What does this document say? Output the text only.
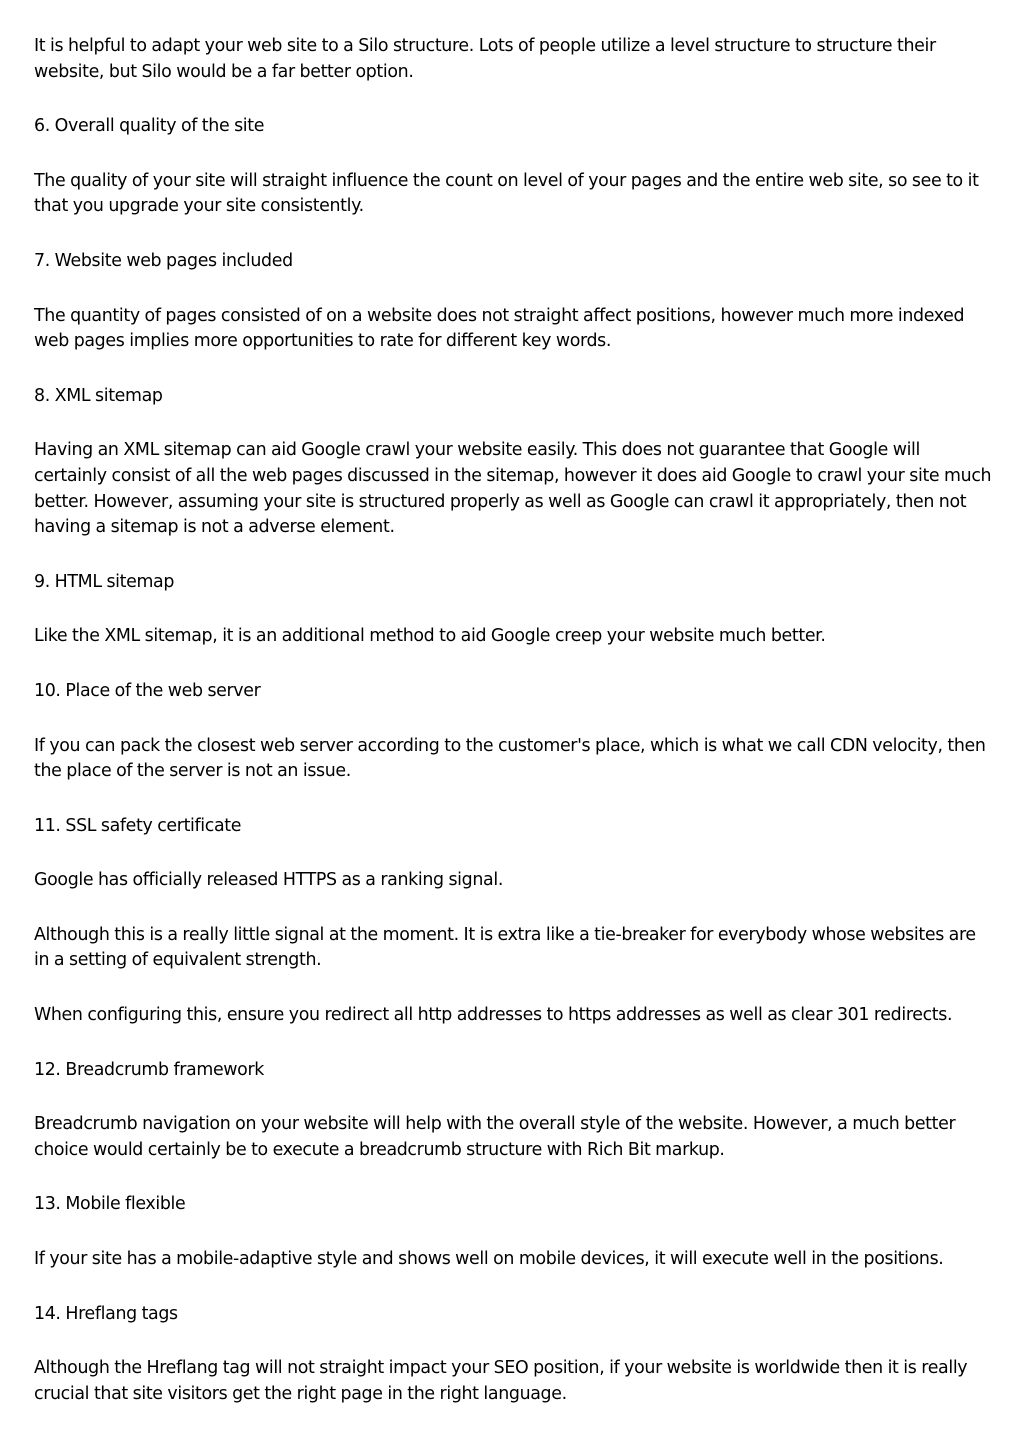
It is helpful to adapt your web site to a Silo structure. Lots of people utilize a level structure to structure their website, but Silo would be a far better option.

6. Overall quality of the site

The quality of your site will straight influence the count on level of your pages and the entire web site, so see to it that you upgrade your site consistently.

7. Website web pages included

The quantity of pages consisted of on a website does not straight affect positions, however much more indexed web pages implies more opportunities to rate for different key words.

8. XML sitemap

Having an XML sitemap can aid Google crawl your website easily. This does not guarantee that Google will certainly consist of all the web pages discussed in the sitemap, however it does aid Google to crawl your site much better. However, assuming your site is structured properly as well as Google can crawl it appropriately, then not having a sitemap is not a adverse element.

9. HTML sitemap

Like the XML sitemap, it is an additional method to aid Google creep your website much better.

10. Place of the web server

If you can pack the closest web server according to the customer's place, which is what we call CDN velocity, then the place of the server is not an issue.

11. SSL safety certificate

Google has officially released HTTPS as a ranking signal.

Although this is a really little signal at the moment. It is extra like a tie-breaker for everybody whose websites are in a setting of equivalent strength.

When configuring this, ensure you redirect all http addresses to https addresses as well as clear 301 redirects.

12. Breadcrumb framework

Breadcrumb navigation on your website will help with the overall style of the website. However, a much better choice would certainly be to execute a breadcrumb structure with Rich Bit markup.

13. Mobile flexible

If your site has a mobile-adaptive style and shows well on mobile devices, it will execute well in the positions.

14. Hreflang tags

Although the Hreflang tag will not straight impact your SEO position, if your website is worldwide then it is really crucial that site visitors get the right page in the right language.
